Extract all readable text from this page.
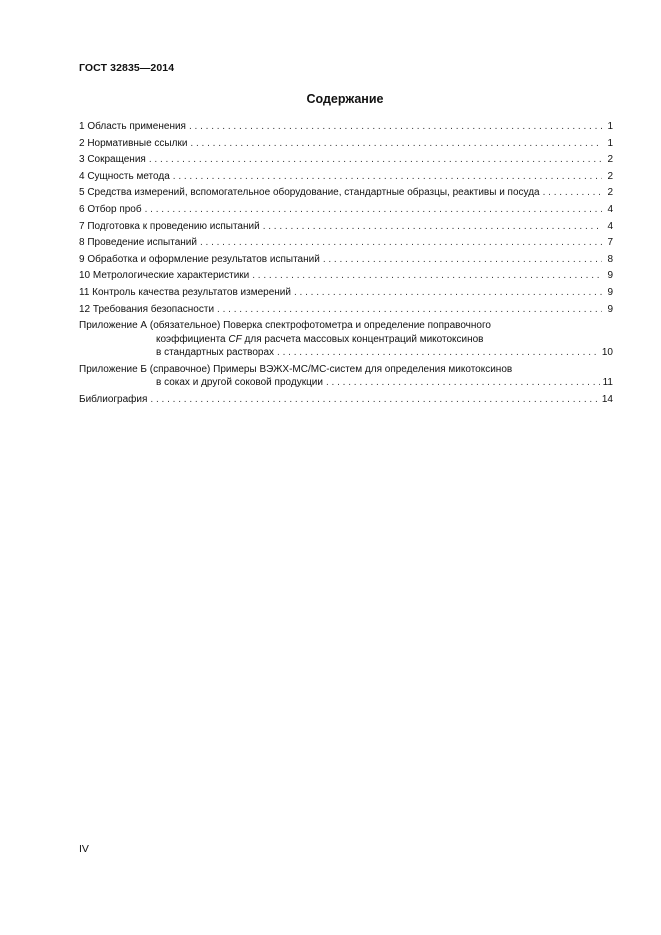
ГОСТ 32835—2014
Содержание
1 Область применения . . .	1
2 Нормативные ссылки . . .	1
3 Сокращения . . .	2
4 Сущность метода . . .	2
5 Средства измерений, вспомогательное оборудование, стандартные образцы, реактивы и посуда . . .	2
6 Отбор проб . . .	4
7 Подготовка к проведению испытаний . . .	4
8 Проведение испытаний . . .	7
9 Обработка и оформление результатов испытаний . . .	8
10 Метрологические характеристики . . .	9
11 Контроль качества результатов измерений . . .	9
12 Требования безопасности . . .	9
Приложение А (обязательное) Поверка спектрофотометра и определение поправочного
коэффициента CF для расчета массовых концентраций микотоксинов
в стандартных растворах . . .	10
Приложение Б (справочное) Примеры ВЭЖХ-МС/МС-систем для определения микотоксинов
в соках и другой соковой продукции . . .	11
Библиография . . .	14
IV
